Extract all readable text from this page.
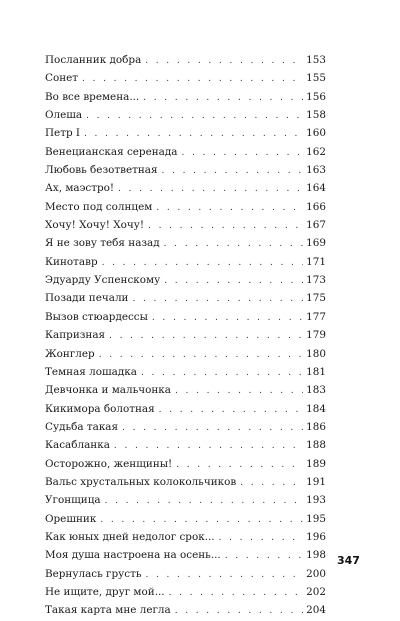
Посланник добра . . .	153
Сонет . . .	155
Во все времена... . . .	156
Олеша . . .	158
Петр I . . .	160
Венецианская серенада . . .	162
Любовь безответная . . .	163
Ах, маэстро! . . .	164
Место под солнцем . . .	166
Хочу! Хочу! Хочу! . . .	167
Я не зову тебя назад . . .	169
Кинотавр . . .	171
Эдуарду Успенскому . . .	173
Позади печали . . .	175
Вызов стюардессы . . .	177
Капризная . . .	179
Жонглер . . .	180
Темная лошадка . . .	181
Девчонка и мальчонка . . .	183
Кикимора болотная . . .	184
Судьба такая . . .	186
Касабланка . . .	188
Осторожно, женщины! . . .	189
Вальс хрустальных колокольчиков . . .	191
Угонщица . . .	193
Орешник . . .	195
Как юных дней недолог срок... . . .	196
Моя душа настроена на осень... . . .	198
Вернулась грусть . . .	200
Не ищите, друг мой... . . .	202
Такая карта мне легла . . .	204
347
